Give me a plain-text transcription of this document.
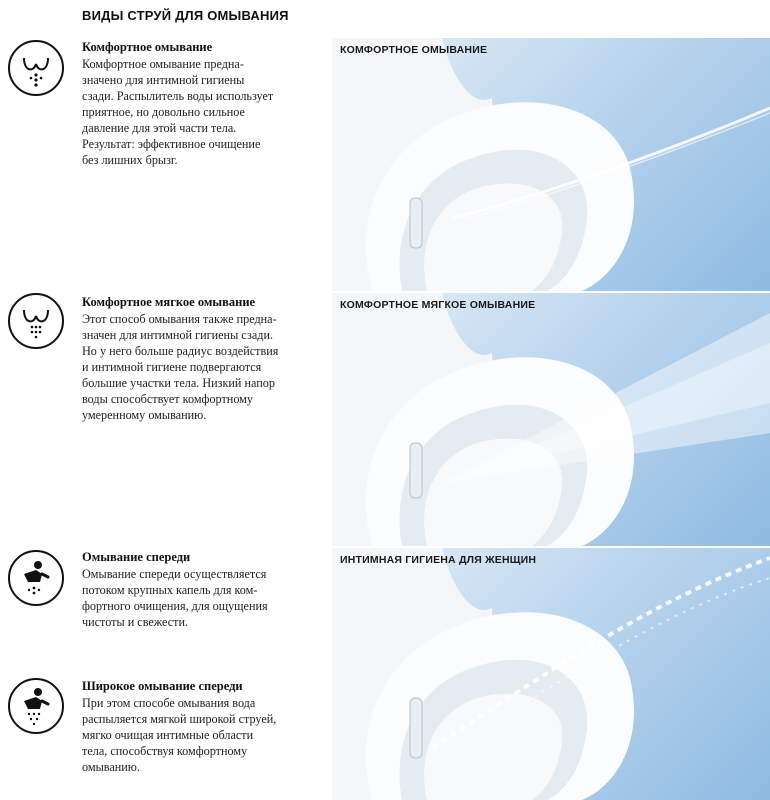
ВИДЫ СТРУЙ ДЛЯ ОМЫВАНИЯ
Комфортное омывание
Комфортное омывание предна-
значено для интимной гигиены
сзади. Распылитель воды использует
приятное, но довольно сильное
давление для этой части тела.
Результат: эффективное очищение
без лишних брызг.
Комфортное мягкое омывание
Этот способ омывания также предна-
значен для интимной гигиены сзади.
Но у него больше радиус воздействия
и интимной гигиене подвергаются
большие участки тела. Низкий напор
воды способствует комфортному
умеренному омыванию.
Омывание спереди
Омывание спереди осуществляется
потоком крупных капель для ком-
фортного очищения, для ощущения
чистоты и свежести.
Широкое омывание спереди
При этом способе омывания вода
распыляется мягкой широкой струей,
мягко очищая интимные области
тела, способствуя комфортному
омыванию.
КОМФОРТНОЕ ОМЫВАНИЕ
КОМФОРТНОЕ МЯГКОЕ ОМЫВАНИЕ
ИНТИМНАЯ ГИГИЕНА ДЛЯ ЖЕНЩИН
